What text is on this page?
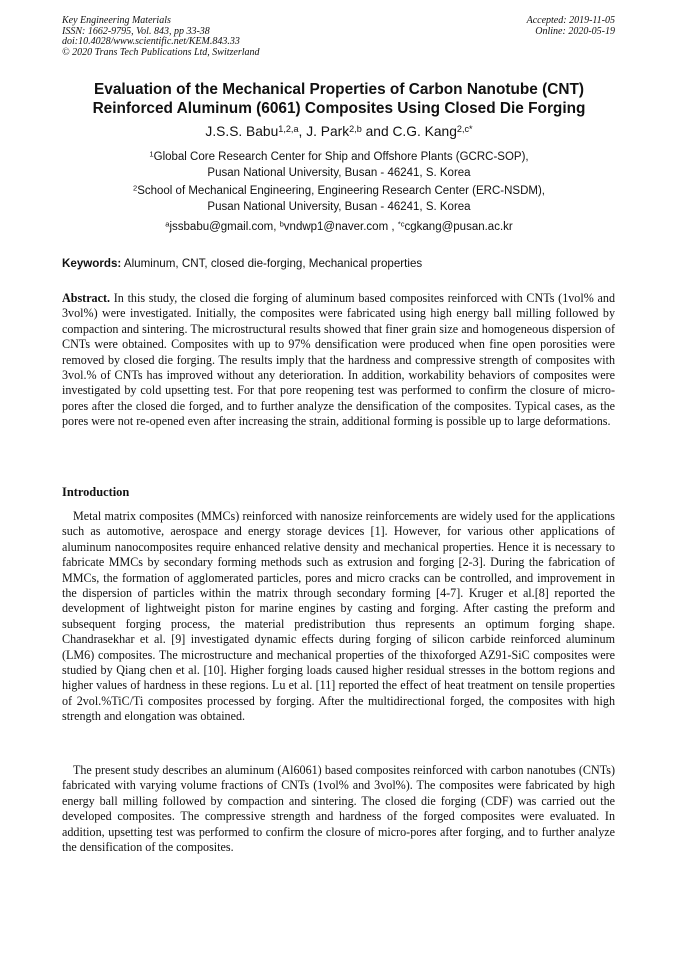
Key Engineering Materials
ISSN: 1662-9795, Vol. 843, pp 33-38
doi:10.4028/www.scientific.net/KEM.843.33
© 2020 Trans Tech Publications Ltd, Switzerland
Accepted: 2019-11-05
Online: 2020-05-19
Evaluation of the Mechanical Properties of Carbon Nanotube (CNT)
Reinforced Aluminum (6061) Composites Using Closed Die Forging
J.S.S. Babu$^{1,2,a}$, J. Park$^{2,b}$ and C.G. Kang$^{2,c*}$
$^1$Global Core Research Center for Ship and Offshore Plants (GCRC-SOP),
Pusan National University, Busan - 46241, S. Korea
$^2$School of Mechanical Engineering, Engineering Research Center (ERC-NSDM),
Pusan National University, Busan - 46241, S. Korea
$^a$jssbabu@gmail.com, $^b$vndwp1@naver.com , $^{*c}$cgkang@pusan.ac.kr
Keywords: Aluminum, CNT, closed die-forging, Mechanical properties

Abstract. In this study, the closed die forging of aluminum based composites reinforced with CNTs (1vol% and 3vol%) were investigated. Initially, the composites were fabricated using high energy ball milling followed by compaction and sintering. The microstructural results showed that finer grain size and homogeneous dispersion of CNTs were obtained. Composites with up to 97% densification were produced when fine open porosities were removed by closed die forging. The results imply that the hardness and compressive strength of composites with 3vol.% of CNTs has improved without any deterioration. In addition, workability behaviors of composites were investigated by cold upsetting test. For that pore reopening test was performed to confirm the closure of micro-pores after the closed die forged, and to further analyze the densification of the composites. Typical cases, as the pores were not re-opened even after increasing the strain, additional forming is possible up to large deformations.

Introduction

Metal matrix composites (MMCs) reinforced with nanosize reinforcements are widely used for the applications such as automotive, aerospace and energy storage devices [1]. However, for various other applications of aluminum nanocomposites require enhanced relative density and mechanical properties. Hence it is necessary to fabricate MMCs by secondary forming methods such as extrusion and forging [2-3]. During the fabrication of MMCs, the formation of agglomerated particles, pores and micro cracks can be controlled, and improvement in the dispersion of particles within the matrix through secondary forming [4-7]. Kruger et al.[8] reported the development of lightweight piston for marine engines by casting and forging. After casting the preform and subsequent forging process, the material predistribution thus represents an optimum forging shape. Chandrasekhar et al. [9] investigated dynamic effects during forging of silicon carbide reinforced aluminum (LM6) composites. The microstructure and mechanical properties of the thixoforged AZ91-SiC composites were studied by Qiang chen et al. [10]. Higher forging loads caused higher residual stresses in the bottom regions and higher values of hardness in these regions. Lu et al. [11] reported the effect of heat treatment on tensile properties of 2vol.%TiC/Ti composites processed by forging. After the multidirectional forged, the composites with high strength and elongation was obtained.

The present study describes an aluminum (Al6061) based composites reinforced with carbon nanotubes (CNTs) fabricated with varying volume fractions of CNTs (1vol% and 3vol%). The composites were fabricated by high energy ball milling followed by compaction and sintering. The closed die forging (CDF) was carried out the developed composites. The compressive strength and hardness of the forged composites were evaluated. In addition, upsetting test was performed to confirm the closure of micro-pores after forging, and to further analyze the densification of the composites.
